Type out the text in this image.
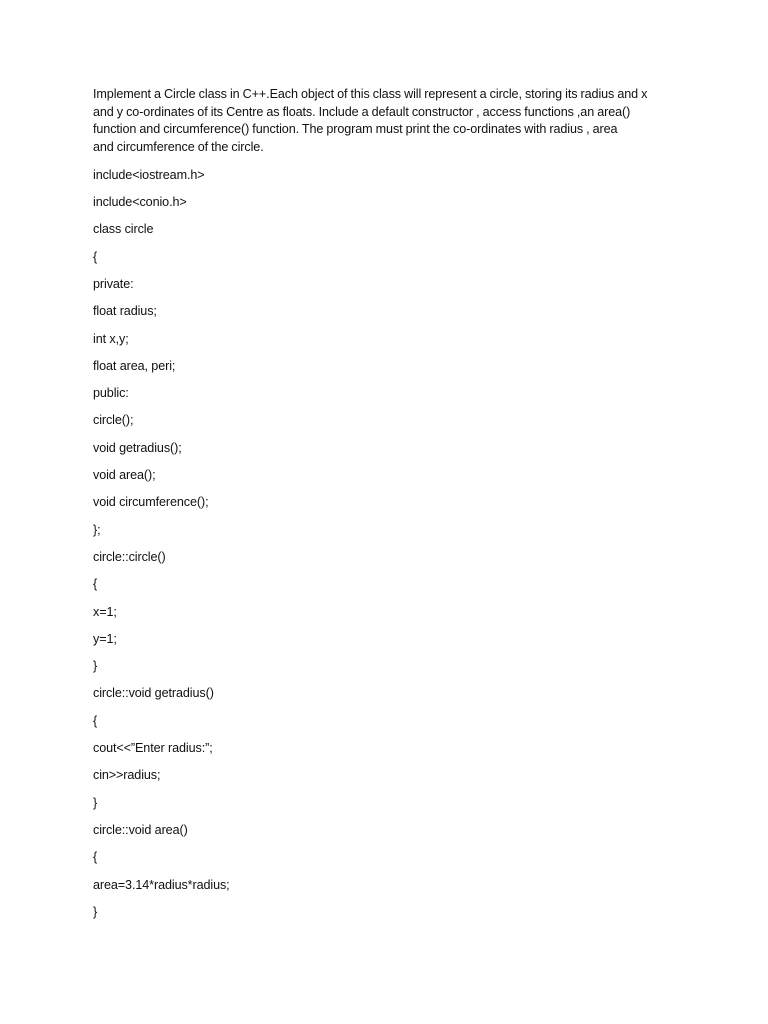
Implement a Circle class in C++.Each object of this class will represent a circle, storing its radius and x
and y co-ordinates of its Centre as floats. Include a default constructor , access functions ,an area()
function and circumference() function. The program must print the co-ordinates with radius , area
and circumference of the circle.

include<iostream.h>
include<conio.h>
class circle
{
private:
float radius;
int x,y;
float area, peri;
public:
circle();
void getradius();
void area();
void circumference();
};
circle::circle()
{
x=1;
y=1;
}
circle::void getradius()
{
cout<<”Enter radius:”;
cin>>radius;
}
circle::void area()
{
area=3.14*radius*radius;
}
